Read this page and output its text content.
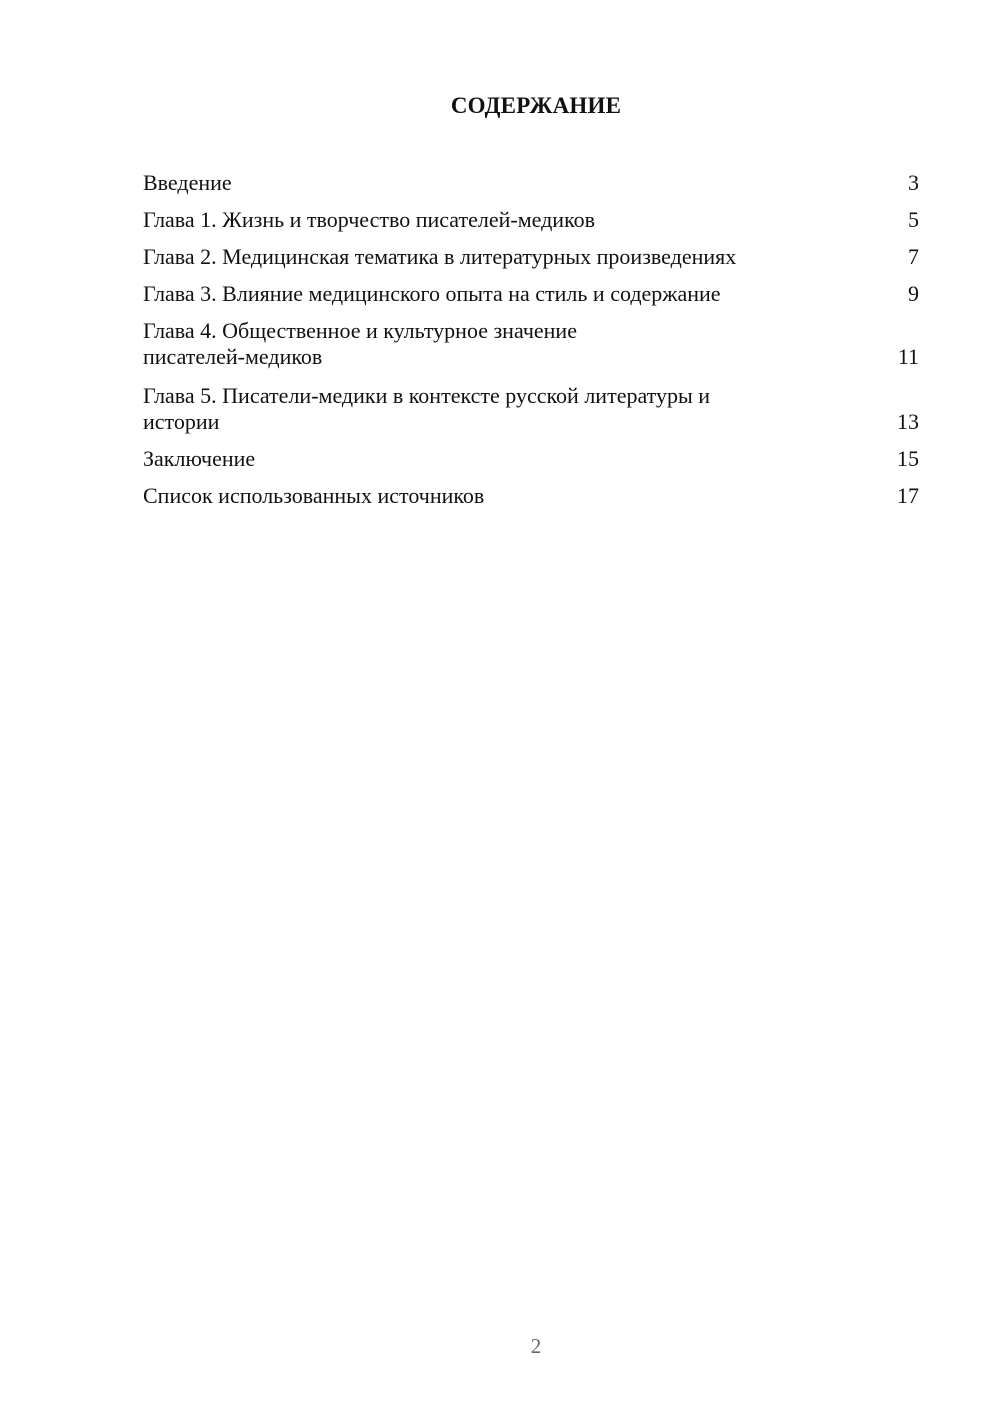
СОДЕРЖАНИЕ
Введение	3
Глава 1. Жизнь и творчество писателей-медиков	5
Глава 2. Медицинская тематика в литературных произведениях	7
Глава 3. Влияние медицинского опыта на стиль и содержание	9
Глава 4. Общественное и культурное значение
писателей-медиков	11
Глава 5. Писатели-медики в контексте русской литературы и
истории	13
Заключение	15
Список использованных источников	17
2
